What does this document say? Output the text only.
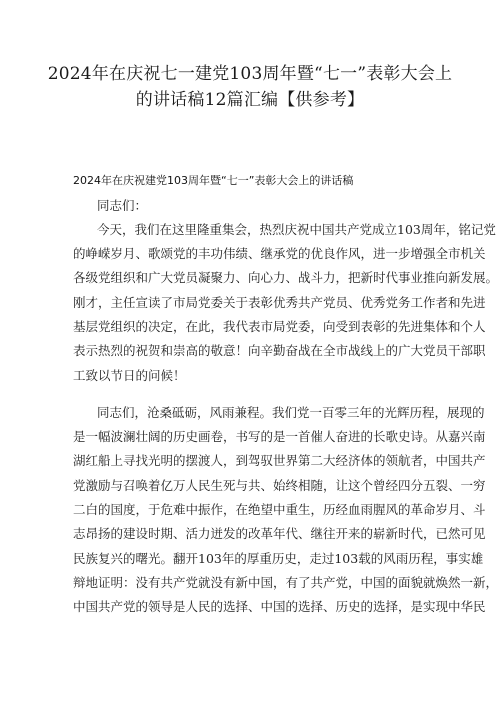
2024年在庆祝七一建党103周年暨“七一”表彰大会上
的讲话稿12篇汇编【供参考】
2024年在庆祝建党103周年暨“七一”表彰大会上的讲话稿
同志们：
今天，我们在这里隆重集会，热烈庆祝中国共产党成立103周年，铭记党
的峥嵘岁月、歌颂党的丰功伟绩、继承党的优良作风，进一步增强全市机关
各级党组织和广大党员凝聚力、向心力、战斗力，把新时代事业推向新发展。
刚才，主任宣读了市局党委关于表彰优秀共产党员、优秀党务工作者和先进
基层党组织的决定，在此，我代表市局党委，向受到表彰的先进集体和个人
表示热烈的祝贺和崇高的敬意！向辛勤奋战在全市战线上的广大党员干部职
工致以节日的问候！
同志们，沧桑砥砺，风雨兼程。我们党一百零三年的光辉历程，展现的
是一幅波澜壮阔的历史画卷，书写的是一首催人奋进的长歌史诗。从嘉兴南
湖红船上寻找光明的摆渡人，到驾驭世界第二大经济体的领航者，中国共产
党激励与召唤着亿万人民生死与共、始终相随，让这个曾经四分五裂、一穷
二白的国度，于危难中振作，在绝望中重生，历经血雨腥风的革命岁月、斗
志昂扬的建设时期、活力迸发的改革年代、继往开来的崭新时代，已然可见
民族复兴的曙光。翻开103年的厚重历史，走过103载的风雨历程，事实雄
辩地证明：没有共产党就没有新中国，有了共产党，中国的面貌就焕然一新，
中国共产党的领导是人民的选择、中国的选择、历史的选择，是实现中华民
